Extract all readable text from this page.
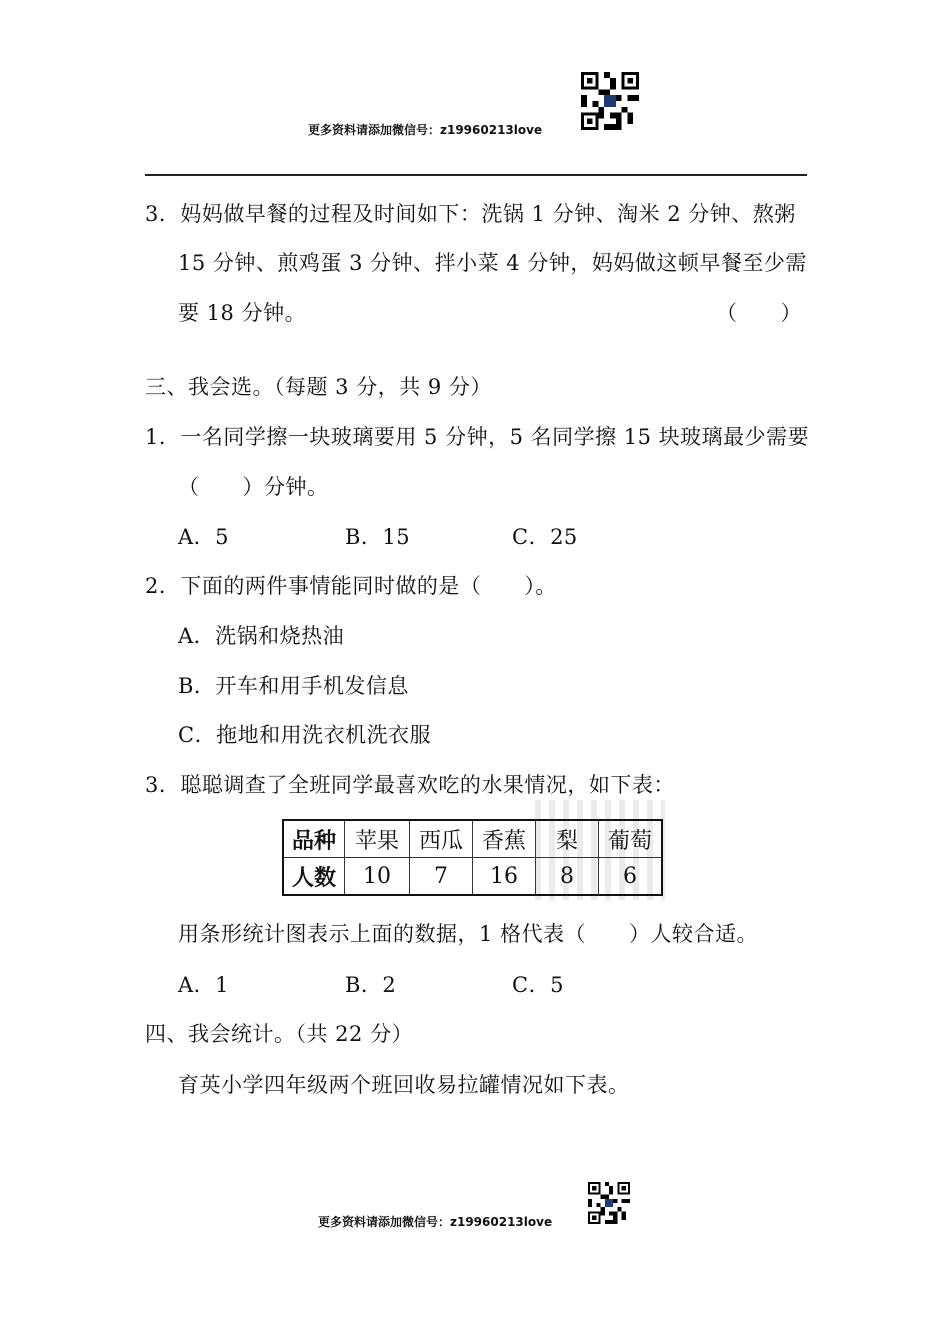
更多资料请添加微信号：z19960213love
3．妈妈做早餐的过程及时间如下：洗锅 1 分钟、淘米 2 分钟、熬粥
15 分钟、煎鸡蛋 3 分钟、拌小菜 4 分钟，妈妈做这顿早餐至少需
要 18 分钟。	（　　）
三、我会选。（每题 3 分，共 9 分）
1．一名同学擦一块玻璃要用 5 分钟，5 名同学擦 15 块玻璃最少需要
（　　）分钟。
A．5	B．15	C．25
2．下面的两件事情能同时做的是（　　）。
A．洗锅和烧热油
B．开车和用手机发信息
C．拖地和用洗衣机洗衣服
3．聪聪调查了全班同学最喜欢吃的水果情况，如下表：
品种	苹果	西瓜	香蕉	梨	葡萄
人数	10	7	16	8	6
用条形统计图表示上面的数据，1 格代表（　　）人较合适。
A．1	B．2	C．5
四、我会统计。（共 22 分）
育英小学四年级两个班回收易拉罐情况如下表。
更多资料请添加微信号：z19960213love
